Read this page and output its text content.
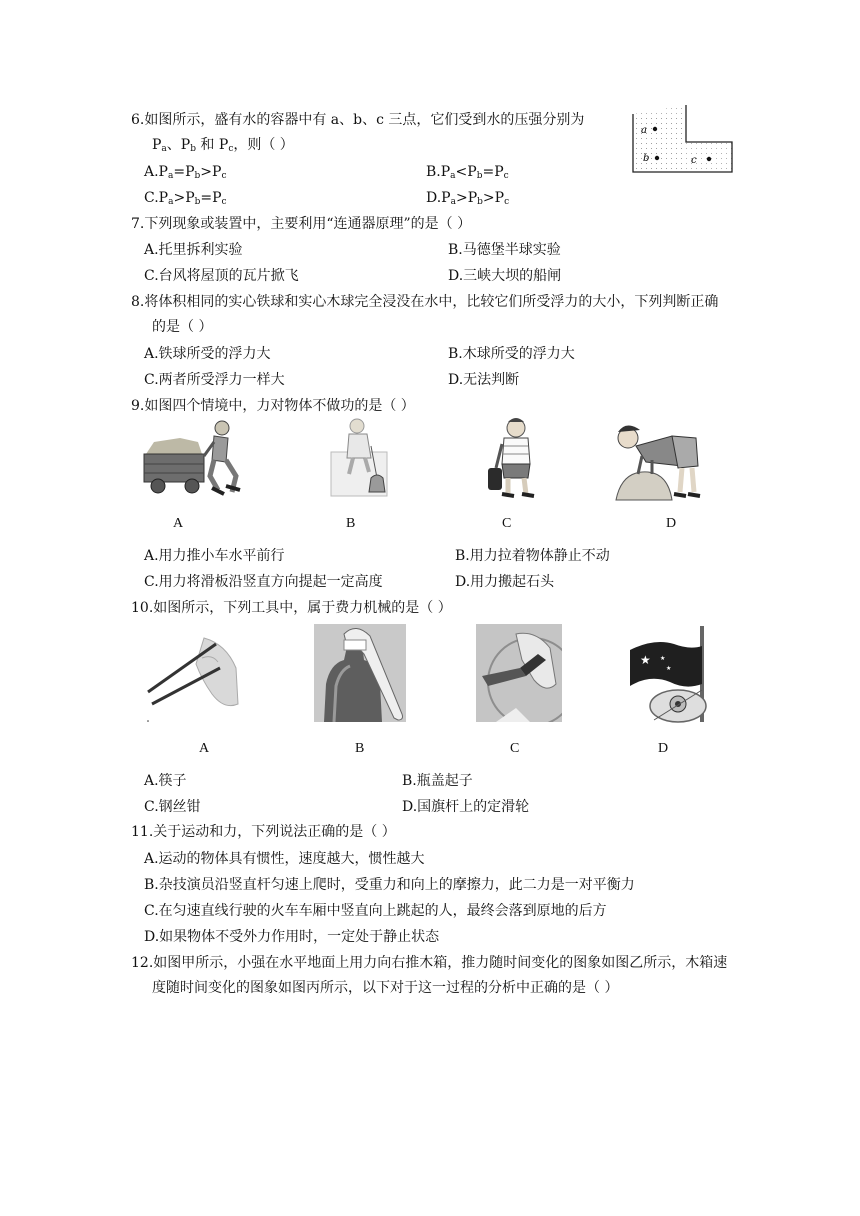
6.如图所示，盛有水的容器中有 a、b、c 三点，它们受到水的压强分别为
$P_a$、$P_b$ 和 $P_c$，则（ ）
$A.P_a=P_b>P_c$	$B.P_a<P_b=P_c$
$C.P_a>P_b=P_c$	$D.P_a>P_b>P_c$
a
b	c
7.下列现象或装置中，主要利用“连通器原理”的是（ ）
A.托里拆利实验	B.马德堡半球实验
C.台风将屋顶的瓦片掀飞	D.三峡大坝的船闸
8.将体积相同的实心铁球和实心木球完全浸没在水中，比较它们所受浮力的大小，下列判断正确
的是（ ）
A.铁球所受的浮力大	B.木球所受的浮力大
C.两者所受浮力一样大	D.无法判断
9.如图四个情境中，力对物体不做功的是（ ）
A	B	C	D
A.用力推小车水平前行	B.用力拉着物体静止不动
C.用力将滑板沿竖直方向提起一定高度	D.用力搬起石头
10.如图所示，下列工具中，属于费力机械的是（ ）
★ ★
★
A	B	C	D
A.筷子	B.瓶盖起子
C.钢丝钳	D.国旗杆上的定滑轮
11.关于运动和力，下列说法正确的是（ ）
A.运动的物体具有惯性，速度越大，惯性越大
B.杂技演员沿竖直杆匀速上爬时，受重力和向上的摩擦力，此二力是一对平衡力
C.在匀速直线行驶的火车车厢中竖直向上跳起的人，最终会落到原地的后方
D.如果物体不受外力作用时，一定处于静止状态
12.如图甲所示，小强在水平地面上用力向右推木箱，推力随时间变化的图象如图乙所示，木箱速
度随时间变化的图象如图丙所示，以下对于这一过程的分析中正确的是（ ）
